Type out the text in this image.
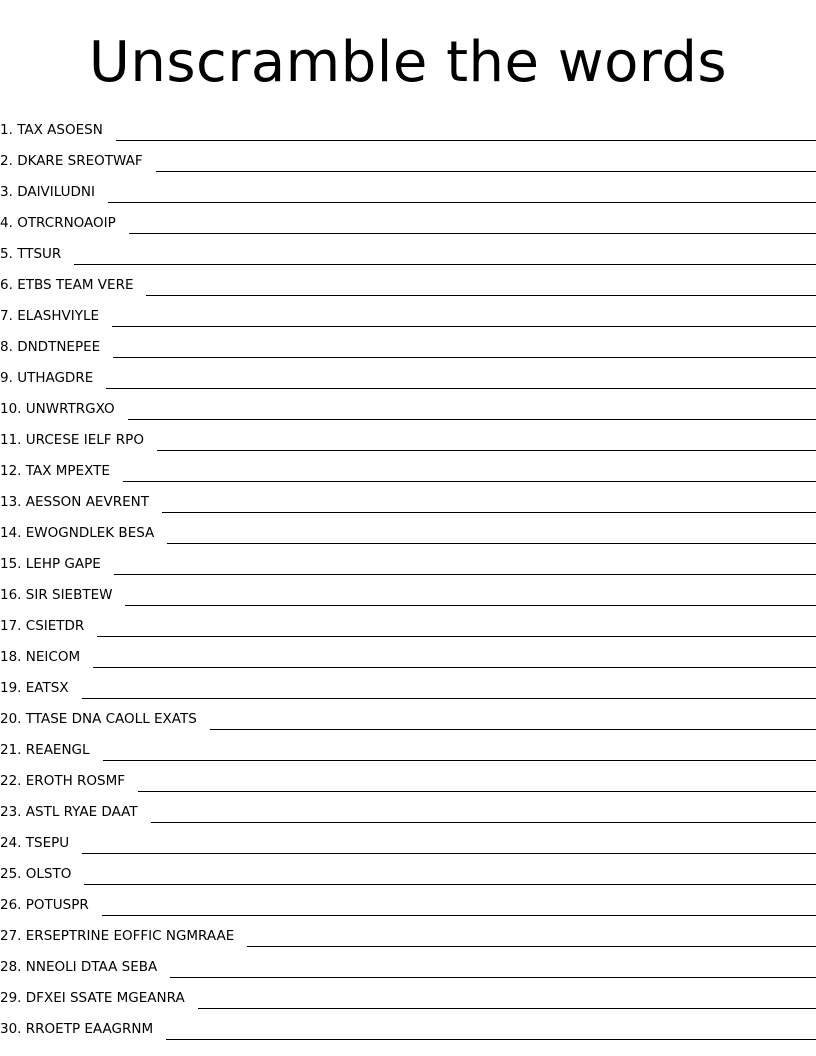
Unscramble the words
1. TAX ASOESN
2. DKARE SREOTWAF
3. DAIVILUDNI
4. OTRCRNOAOIP
5. TTSUR
6. ETBS TEAM VERE
7. ELASHVIYLE
8. DNDTNEPEE
9. UTHAGDRE
10. UNWRTRGXO
11. URCESE IELF RPO
12. TAX MPEXTE
13. AESSON AEVRENT
14. EWOGNDLEK BESA
15. LEHP GAPE
16. SIR SIEBTEW
17. CSIETDR
18. NEICOM
19. EATSX
20. TTASE DNA CAOLL EXATS
21. REAENGL
22. EROTH ROSMF
23. ASTL RYAE DAAT
24. TSEPU
25. OLSTO
26. POTUSPR
27. ERSEPTRINE EOFFIC NGMRAAE
28. NNEOLI DTAA SEBA
29. DFXEI SSATE MGEANRA
30. RROETP EAAGRNM
